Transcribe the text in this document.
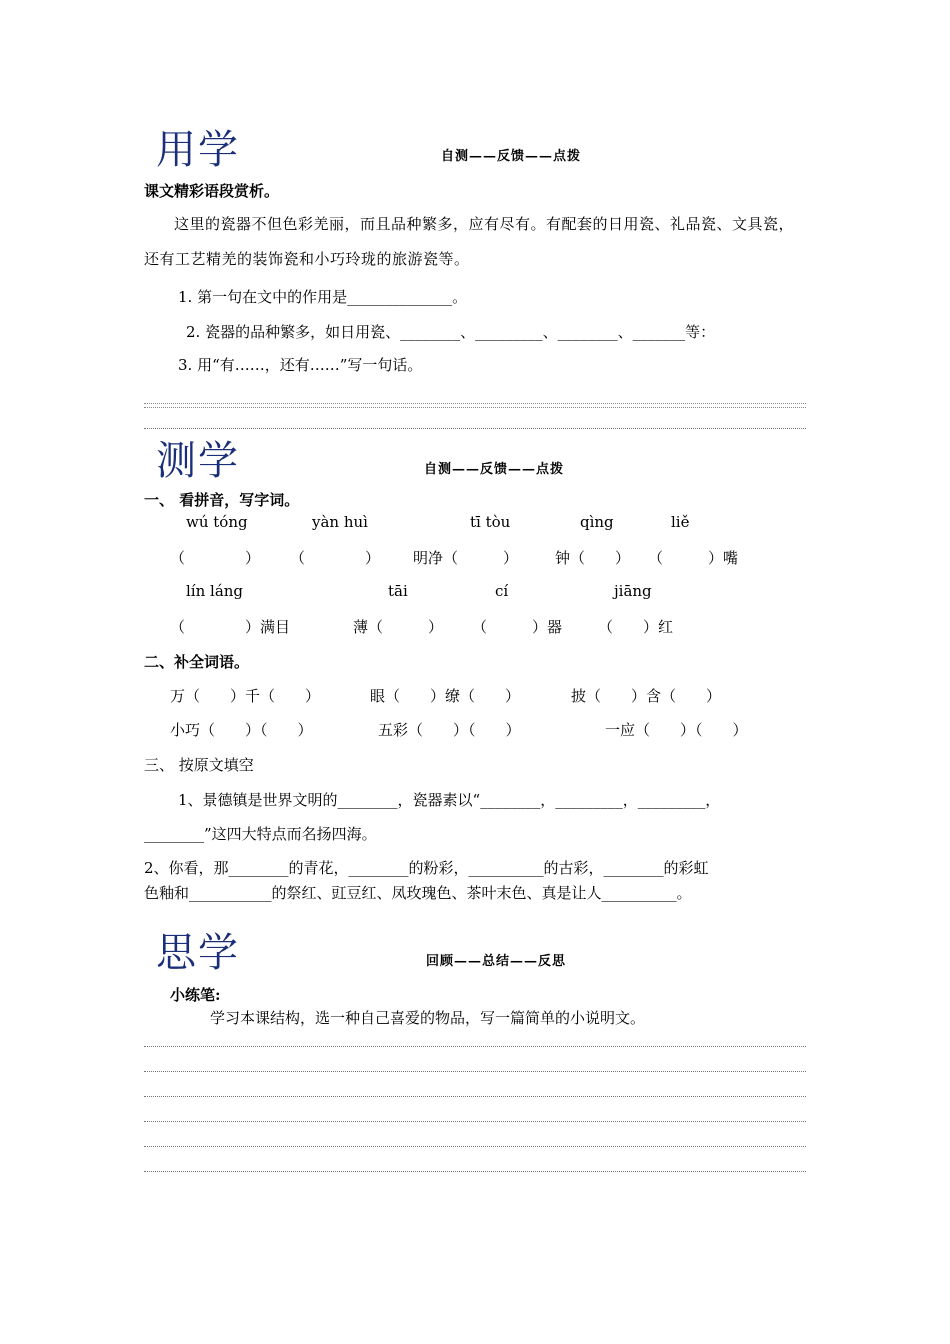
用学	自测——反馈——点拨
课文精彩语段赏析。
这里的瓷器不但色彩羌丽，而且品种繁多，应有尽有。有配套的日用瓷、礼品瓷、文具瓷，还有工艺精羌的装饰瓷和小巧玲珑的旅游瓷等。
1. 第一句在文中的作用是______________。
2. 瓷器的品种繁多，如日用瓷、________、_________、________、_______等：
3. 用“有……，还有……”写一句话。
测学	自测——反馈——点拨
一、 看拼音，写字词。
wú tóng	yàn huì	tī tòu	qìng	liě
（　　　　） （　　　　） 明净（　　　） 钟（　　） （　　　）嘴
lín láng	tāi	cí	jiāng
（　　　　）满目	薄（　　　） （　　　）器 （　　）红
二、补全词语。
万（　　）千（　　）	眼（　　）缭（　　）	披（　　）含（　　）
小巧（　　）（　　）	五彩（　　）（　　）	一应（　　）（　　）
三、 按原文填空
1、景德镇是世界文明的________，瓷器素以“________，_________，_________，
________”这四大特点而名扬四海。
2、你看，那________的青花，________的粉彩，__________的古彩，________的彩虹
色釉和___________的祭红、豇豆红、凤玫瑰色、茶叶末色、真是让人__________。
思学	回顾——总结——反思
小练笔:
学习本课结构，选一种自己喜爱的物品，写一篇简单的小说明文。
